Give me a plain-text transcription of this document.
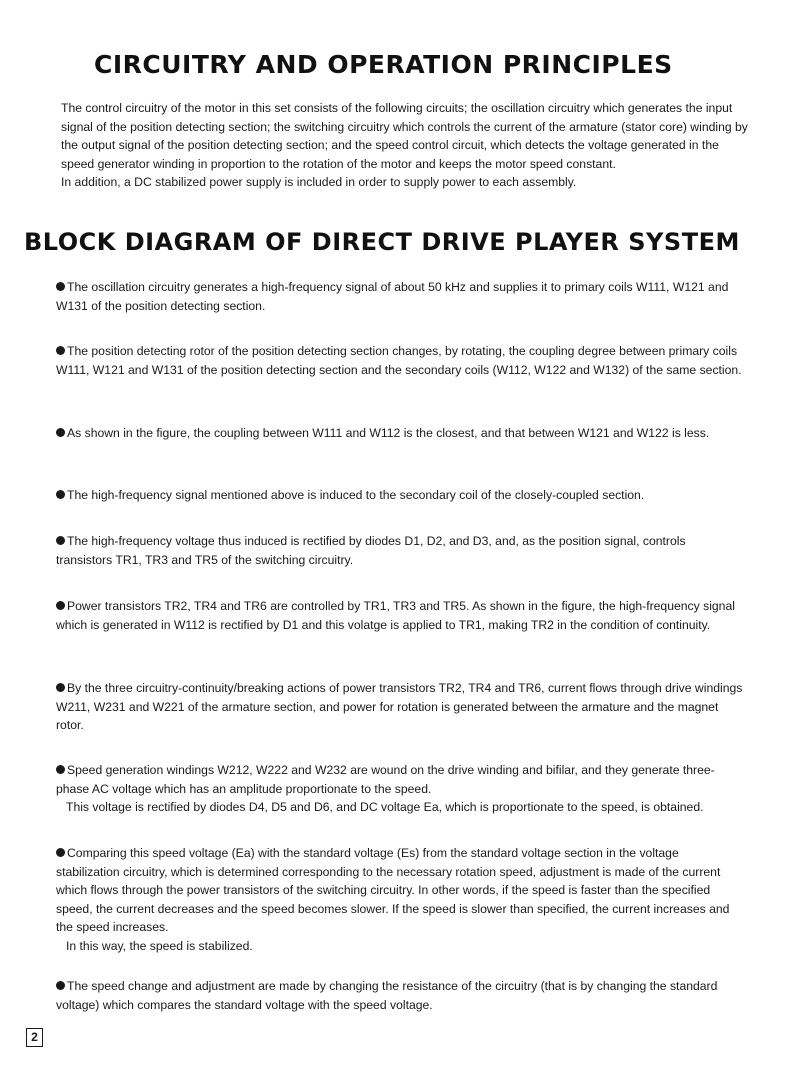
CIRCUITRY AND OPERATION PRINCIPLES

The control circuitry of the motor in this set consists of the following circuits; the oscillation circuitry which generates the input signal of the position detecting section; the switching circuitry which controls the current of the armature (stator core) winding by the output signal of the position detecting section; and the speed control circuit, which detects the voltage generated in the speed generator winding in proportion to the rotation of the motor and keeps the motor speed constant.

In addition, a DC stabilized power supply is included in order to supply power to each assembly.

BLOCK DIAGRAM OF DIRECT DRIVE PLAYER SYSTEM
The oscillation circuitry generates a high-frequency signal of about 50 kHz and supplies it to primary coils W111, W121 and W131 of the position detecting section.
The position detecting rotor of the position detecting section changes, by rotating, the coupling degree between primary coils W111, W121 and W131 of the position detecting section and the secondary coils (W112, W122 and W132) of the same section.
As shown in the figure, the coupling between W111 and W112 is the closest, and that between W121 and W122 is less.
The high-frequency signal mentioned above is induced to the secondary coil of the closely-coupled section.
The high-frequency voltage thus induced is rectified by diodes D1, D2, and D3, and, as the position signal, controls transistors TR1, TR3 and TR5 of the switching circuitry.
Power transistors TR2, TR4 and TR6 are controlled by TR1, TR3 and TR5. As shown in the figure, the high-frequency signal which is generated in W112 is rectified by D1 and this volatge is applied to TR1, making TR2 in the condition of continuity.
By the three circuitry-continuity/breaking actions of power transistors TR2, TR4 and TR6, current flows through drive windings W211, W231 and W221 of the armature section, and power for rotation is generated between the armature and the magnet rotor.
Speed generation windings W212, W222 and W232 are wound on the drive winding and bifilar, and they generate three-phase AC voltage which has an amplitude proportionate to the speed.
This voltage is rectified by diodes D4, D5 and D6, and DC voltage Ea, which is proportionate to the speed, is obtained.
Comparing this speed voltage (Ea) with the standard voltage (Es) from the standard voltage section in the voltage stabilization circuitry, which is determined corresponding to the necessary rotation speed, adjustment is made of the current which flows through the power transistors of the switching circuitry. In other words, if the speed is faster than the specified speed, the current decreases and the speed becomes slower. If the speed is slower than specified, the current increases and the speed increases.
In this way, the speed is stabilized.
The speed change and adjustment are made by changing the resistance of the circuitry (that is by changing the standard voltage) which compares the standard voltage with the speed voltage.
2
